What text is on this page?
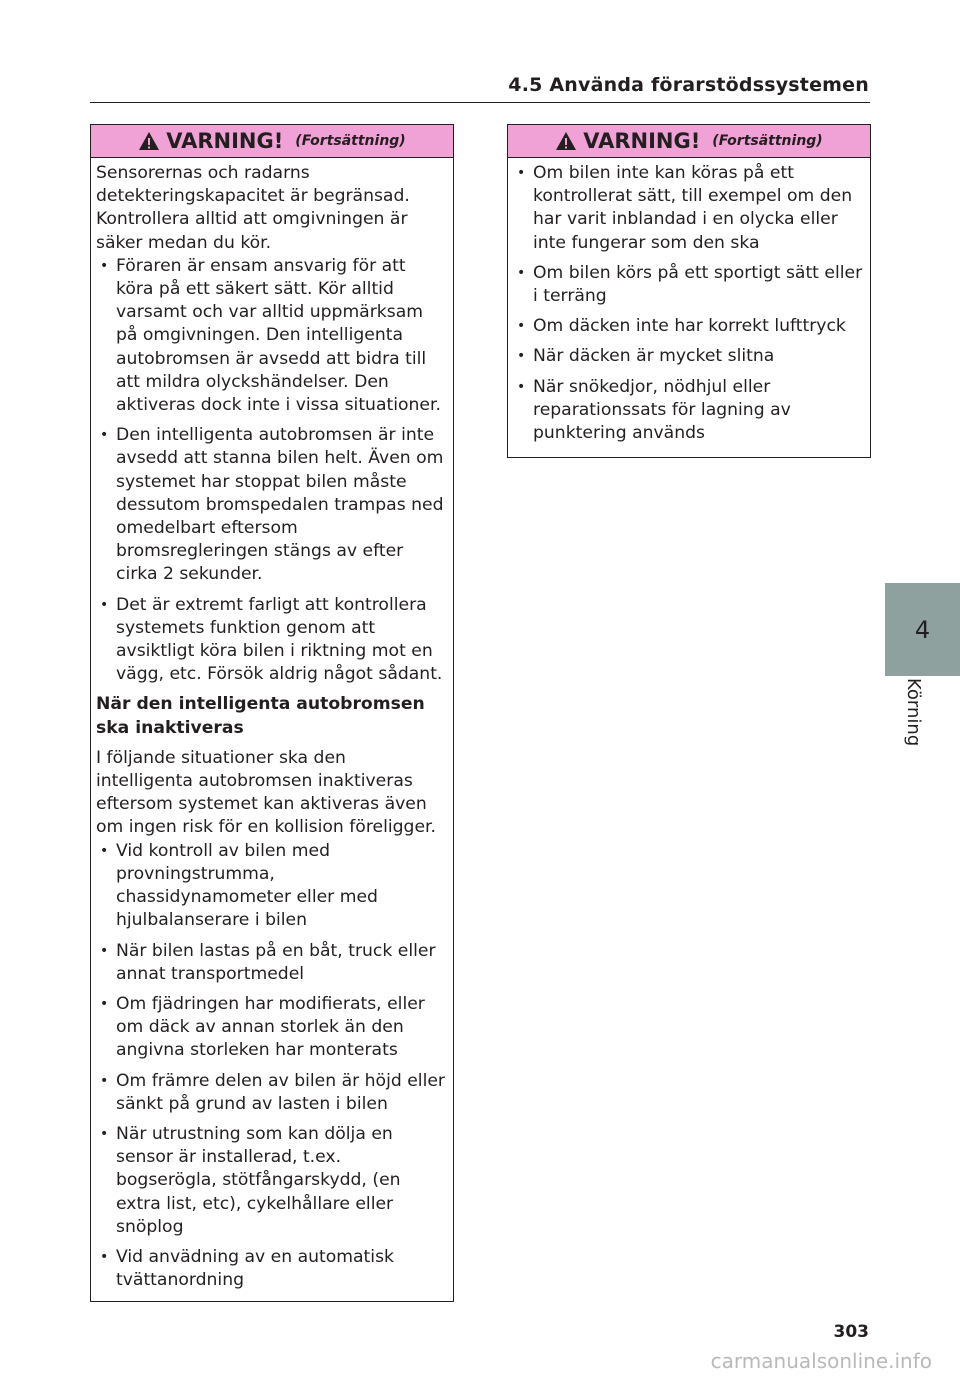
4.5 Använda förarstödssystemen
VARNING! (Fortsättning)

Sensorernas och radarns detekteringskapacitet är begränsad. Kontrollera alltid att omgivningen är säker medan du kör.

• Föraren är ensam ansvarig för att köra på ett säkert sätt. Kör alltid varsamt och var alltid uppmärksam på omgivningen. Den intelligenta autobromsen är avsedd att bidra till att mildra olyckshändelser. Den aktiveras dock inte i vissa situationer.
• Den intelligenta autobromsen är inte avsedd att stanna bilen helt. Även om systemet har stoppat bilen måste dessutom bromspedalen trampas ned omedelbart eftersom bromsregleringen stängs av efter cirka 2 sekunder.
• Det är extremt farligt att kontrollera systemets funktion genom att avsiktligt köra bilen i riktning mot en vägg, etc. Försök aldrig något sådant.

När den intelligenta autobromsen ska inaktiveras

I följande situationer ska den intelligenta autobromsen inaktiveras eftersom systemet kan aktiveras även om ingen risk för en kollision föreligger.

• Vid kontroll av bilen med provningstrumma, chassidynamometer eller med hjulbalanserare i bilen
• När bilen lastas på en båt, truck eller annat transportmedel
• Om fjädringen har modifierats, eller om däck av annan storlek än den angivna storleken har monterats
• Om främre delen av bilen är höjd eller sänkt på grund av lasten i bilen
• När utrustning som kan dölja en sensor är installerad, t.ex. bogserögla, stötfångarskydd, (en extra list, etc), cykelhållare eller snöplog
• Vid anvädning av en automatisk tvättanordning
VARNING! (Fortsättning)
• Om bilen inte kan köras på ett kontrollerat sätt, till exempel om den har varit inblandad i en olycka eller inte fungerar som den ska
• Om bilen körs på ett sportigt sätt eller i terräng
• Om däcken inte har korrekt lufttryck
• När däcken är mycket slitna
• När snökedjor, nödhjul eller reparationssats för lagning av punktering används
4
Körning
303
carmanualsonline.info
